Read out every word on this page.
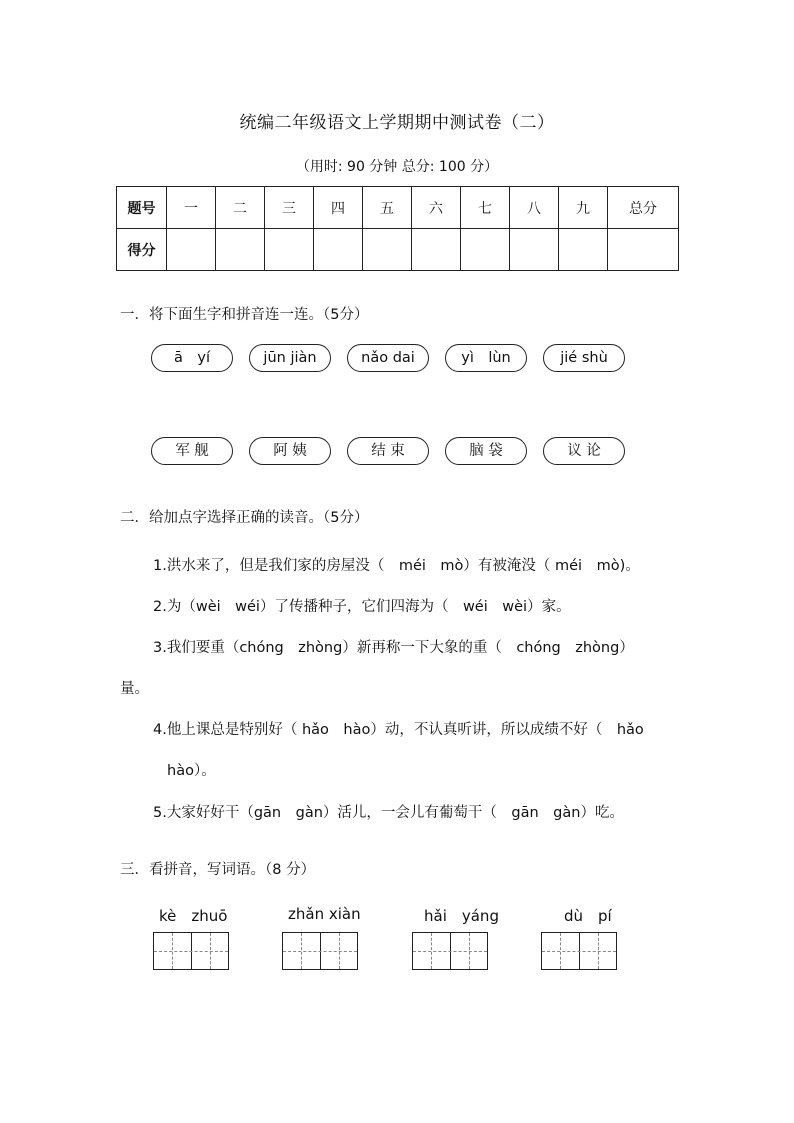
统编二年级语文上学期期中测试卷（二）
（用时: 90 分钟 总分: 100 分）
题号	一	二	三	四	五	六	七	八	九	总分
得分										
一．将下面生字和拼音连一连。（5分）
ā　yí	jūn jiàn	nǎo dai	yì　lùn	jié shù
军 舰	阿 姨	结 束	脑 袋	议 论
二．给加点字选择正确的读音。（5分）
1.洪水来了，但是我们家的房屋没（　méi　mò）有被淹没（ méi　mò)。
2.为（wèi　wéi）了传播种子，它们四海为（　wéi　wèi）家。
3.我们要重（chóng　zhòng）新再称一下大象的重（　chóng　zhòng）
量。
4.他上课总是特别好（ hǎo　hào）动，不认真听讲，所以成绩不好（　hǎo
hào）。
5.大家好好干（gān　gàn）活儿，一会儿有葡萄干（　gān　gàn）吃。
三．看拼音，写词语。（8 分）
kè　zhuō	zhǎn xiàn	hǎi　yáng	dù　pí
